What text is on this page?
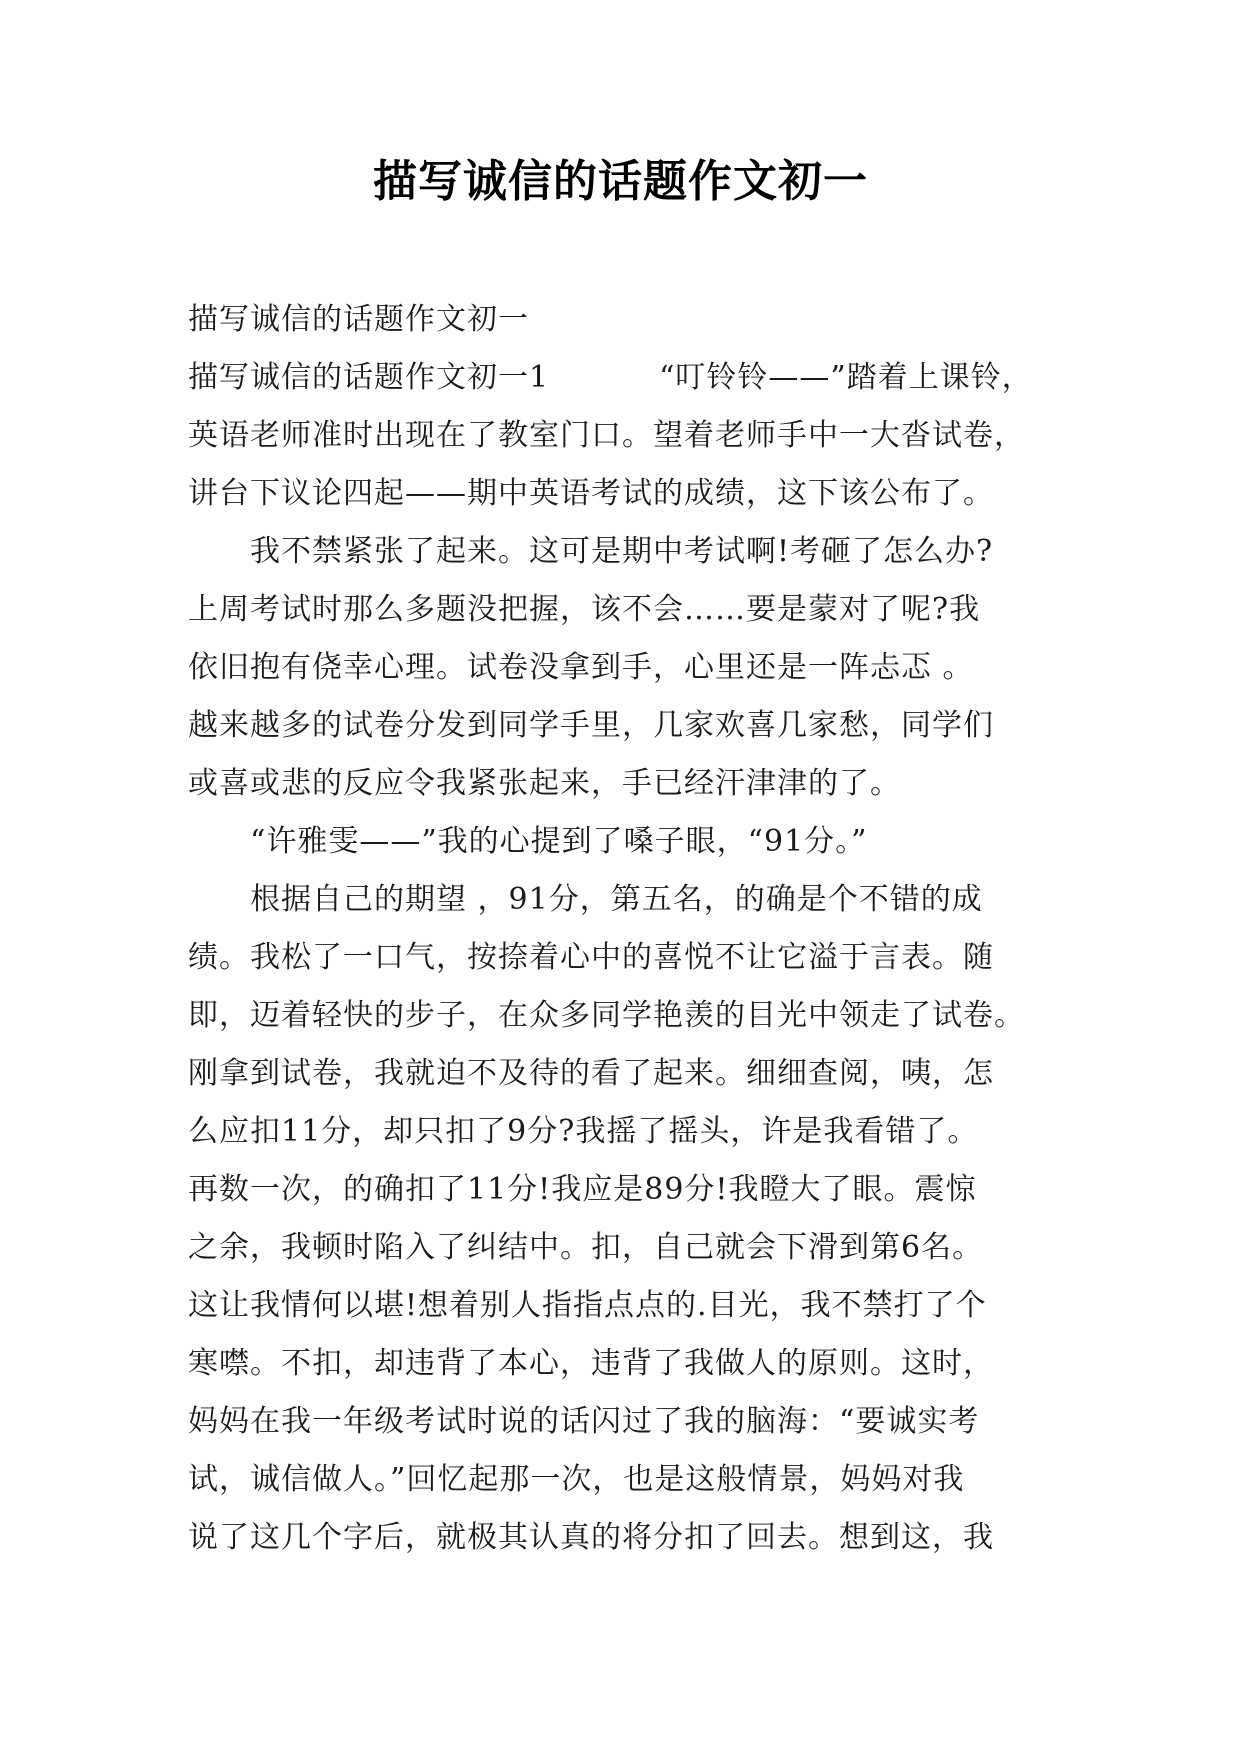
描写诚信的话题作文初一
描写诚信的话题作文初一
描写诚信的话题作文初一1	“叮铃铃——”踏着上课铃，
英语老师准时出现在了教室门口。望着老师手中一大沓试卷，
讲台下议论四起——期中英语考试的成绩，这下该公布了。
　　我不禁紧张了起来。这可是期中考试啊!考砸了怎么办?
上周考试时那么多题没把握，该不会……要是蒙对了呢?我
依旧抱有侥幸心理。试卷没拿到手，心里还是一阵忐忑 。
越来越多的试卷分发到同学手里，几家欢喜几家愁，同学们
或喜或悲的反应令我紧张起来，手已经汗津津的了。
　　“许雅雯——”我的心提到了嗓子眼，“91分。”
　　根据自己的期望 ，91分，第五名，的确是个不错的成
绩。我松了一口气，按捺着心中的喜悦不让它溢于言表。随
即，迈着轻快的步子，在众多同学艳羡的目光中领走了试卷。
刚拿到试卷，我就迫不及待的看了起来。细细查阅，咦，怎
么应扣11分，却只扣了9分?我摇了摇头，许是我看错了。
再数一次，的确扣了11分!我应是89分!我瞪大了眼。震惊
之余，我顿时陷入了纠结中。扣，自己就会下滑到第6名。
这让我情何以堪!想着别人指指点点的.目光，我不禁打了个
寒噤。不扣，却违背了本心，违背了我做人的原则。这时，
妈妈在我一年级考试时说的话闪过了我的脑海：“要诚实考
试，诚信做人。”回忆起那一次，也是这般情景，妈妈对我
说了这几个字后，就极其认真的将分扣了回去。想到这，我
